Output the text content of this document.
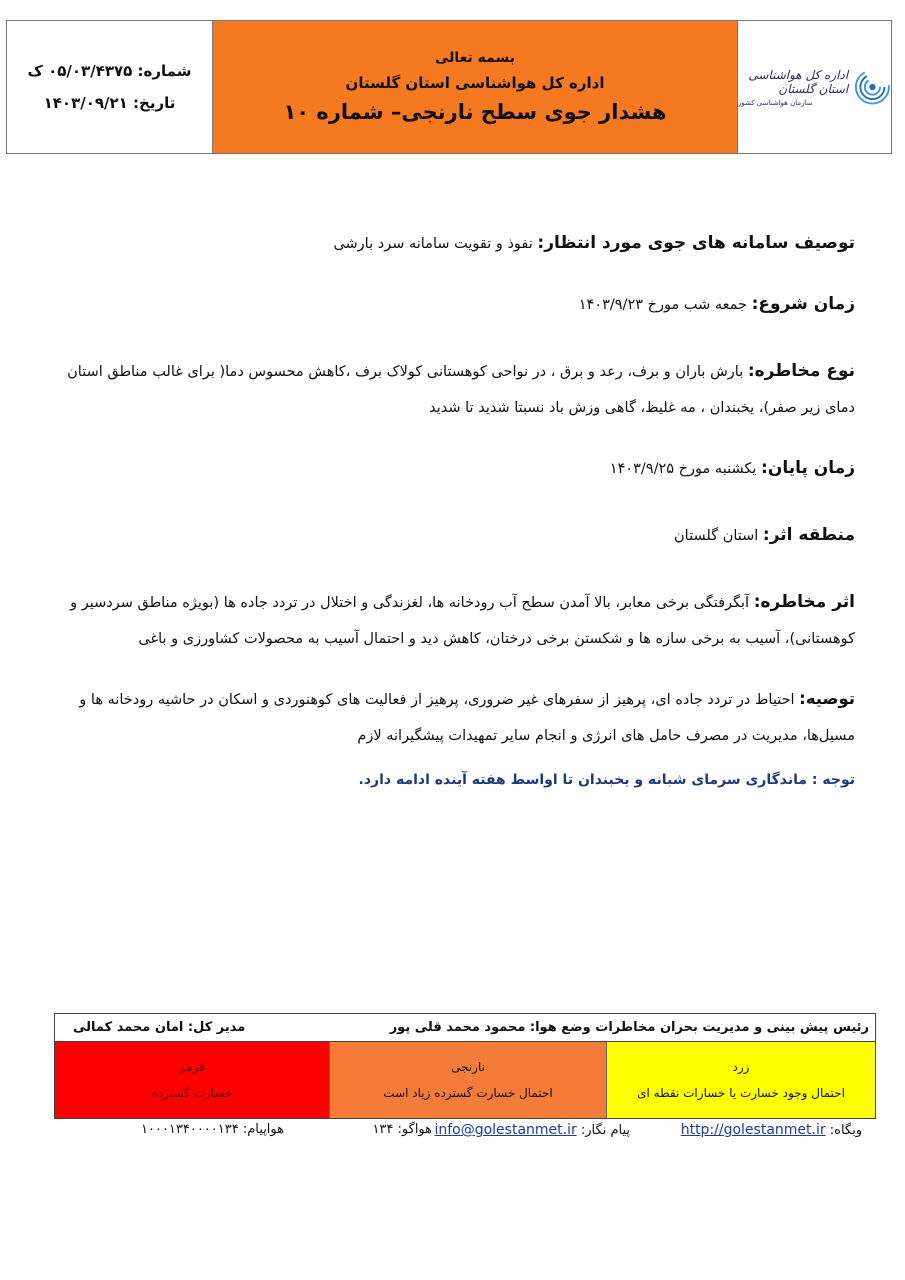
شماره: ۰۵/۰۳/۴۳۷۵ ک
تاریخ: ۱۴۰۳/۰۹/۲۱
بسمه تعالی
اداره کل هواشناسی استان گلستان
هشدار جوی سطح نارنجی– شماره ۱۰
اداره کل هواشناسی استان گلستان
سازمان هواشناسی کشور

توصیف سامانه های جوی مورد انتظار: نفوذ و تقویت سامانه سرد بارشی

زمان شروع: جمعه شب مورخ ۱۴۰۳/۹/۲۳

نوع مخاطره: بارش باران و برف، رعد و برق ، در نواحی کوهستانی کولاک برف ،کاهش محسوس دما( برای غالب مناطق استان دمای زیر صفر)، یخبندان ، مه غلیظ، گاهی وزش باد نسبتا شدید تا شدید

زمان پایان: یکشنبه مورخ ۱۴۰۳/۹/۲۵

منطقه اثر: استان گلستان

اثر مخاطره: آبگرفتگی برخی معابر، بالا آمدن سطح آب رودخانه ها، لغزندگی و اختلال در تردد جاده ها (بویژه مناطق سردسیر و کوهستانی)، آسیب به برخی سازه ها و شکستن برخی درختان، کاهش دید و احتمال آسیب به محصولات کشاورزی و باغی

توصیه: احتیاط در تردد جاده ای، پرهیز از سفرهای غیر ضروری، پرهیز از فعالیت های کوهنوردی و اسکان در حاشیه رودخانه ها و مسیل‌ها، مدیریت در مصرف حامل های انرژی و انجام سایر تمهیدات پیشگیرانه لازم

توجه : ماندگاری سرمای شبانه و یخبندان تا اواسط هفته آینده ادامه دارد.
رئیس پیش بینی و مدیریت بحران مخاطرات وضع هوا: محمود محمد قلی پور
مدیر کل: امان محمد کمالی
زرد
احتمال وجود خسارت یا خسارات نقطه ای
نارنجی
احتمال خسارت گسترده زیاد است
قرمز
خسارت گسترده
وبگاه: http://golestanmet.ir
پیام نگار: info@golestanmet.ir
هواگو: ۱۳۴
هواپیام: ۱۰۰۰۱۳۴۰۰۰۰۱۳۴
